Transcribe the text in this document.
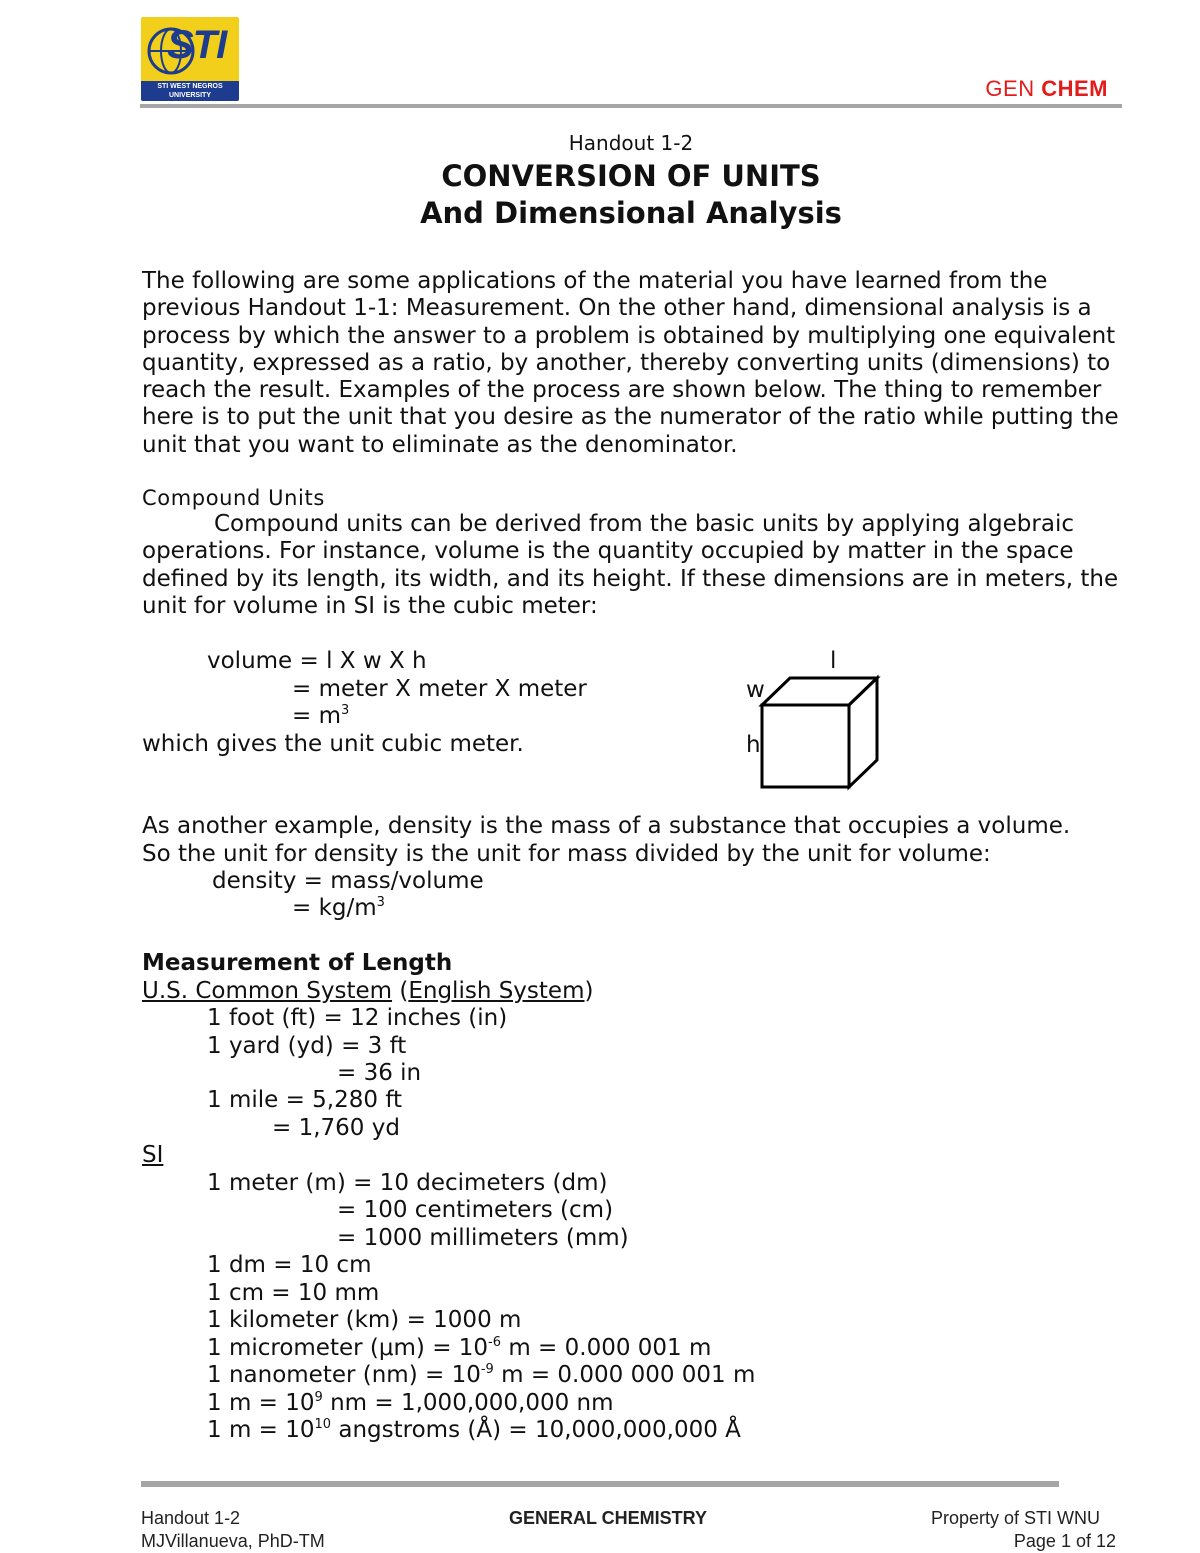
STI
STI WEST NEGROS UNIVERSITY	GEN CHEM
Handout 1-2
CONVERSION OF UNITS
And Dimensional Analysis

The following are some applications of the material you have learned from the previous Handout 1-1: Measurement. On the other hand, dimensional analysis is a process by which the answer to a problem is obtained by multiplying one equivalent quantity, expressed as a ratio, by another, thereby converting units (dimensions) to reach the result. Examples of the process are shown below. The thing to remember here is to put the unit that you desire as the numerator of the ratio while putting the unit that you want to eliminate as the denominator.

Compound Units

Compound units can be derived from the basic units by applying algebraic operations. For instance, volume is the quantity occupied by matter in the space defined by its length, its width, and its height. If these dimensions are in meters, the unit for volume in SI is the cubic meter:

volume = l X w X h
= meter X meter X meter
= $m^3$
which gives the unit cubic meter.
l
w
h
As another example, density is the mass of a substance that occupies a volume.
So the unit for density is the unit for mass divided by the unit for volume:
density = mass/volume
= $kg/m^3$
Measurement of Length
U.S. Common System (English System)
1 foot (ft) = 12 inches (in)
1 yard (yd) = 3 ft
= 36 in
1 mile = 5,280 ft
= 1,760 yd
SI
1 meter (m) = 10 decimeters (dm)
= 100 centimeters (cm)
= 1000 millimeters (mm)
1 dm = 10 cm
1 cm = 10 mm
1 kilometer (km) = 1000 m
1 micrometer $(\mu m) = 10^{-6}$ m = 0.000 001 m
1 nanometer $(nm) = 10^{-9}$ m = 0.000 000 001 m
1 $m = 10^9$ nm = 1,000,000,000 nm
1 $m = 10^{10}$ angstroms (Å) = 10,000,000,000 Å
Handout 1-2
MJVillanueva, PhD-TM
GENERAL CHEMISTRY	Property of STI WNU
Page 1 of 12
